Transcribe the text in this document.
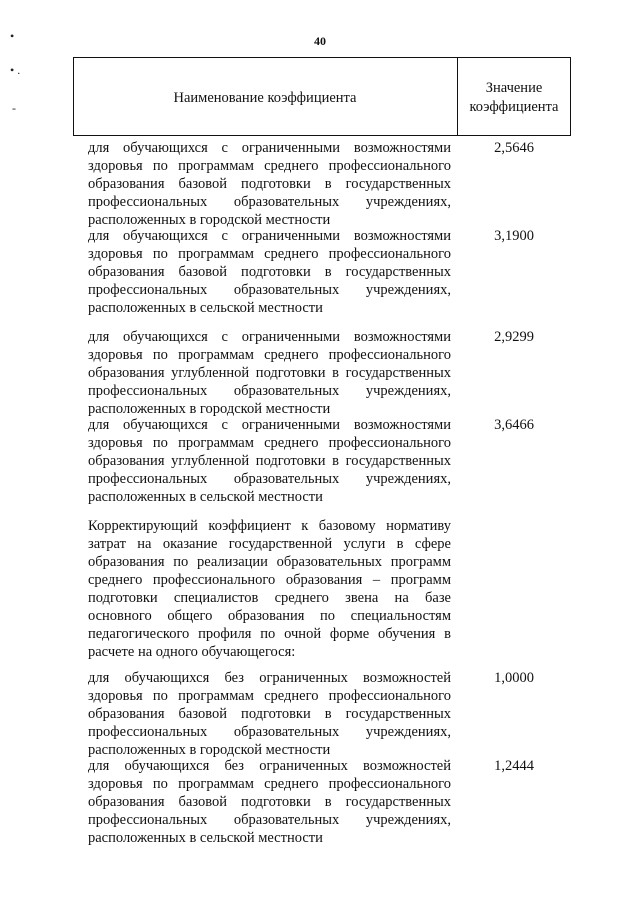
•
• .
-
40
Наименование коэффициента
Значение коэффициента
для обучающихся с ограниченными возможностями здоровья по программам среднего профессионального образования базовой подготовки в государственных профессиональных образовательных учреждениях, расположенных в городской местности
2,5646
для обучающихся с ограниченными возможностями здоровья по программам среднего профессионального образования базовой подготовки в государственных профессиональных образовательных учреждениях, расположенных в сельской местности
3,1900
для обучающихся с ограниченными возможностями здоровья по программам среднего профессионального образования углубленной подготовки в государственных профессиональных образовательных учреждениях, расположенных в городской местности
2,9299
для обучающихся с ограниченными возможностями здоровья по программам среднего профессионального образования углубленной подготовки в государственных профессиональных образовательных учреждениях, расположенных в сельской местности
3,6466
Корректирующий коэффициент к базовому нормативу затрат на оказание государственной услуги в сфере образования по реализации образовательных программ среднего профессионального образования – программ подготовки специалистов среднего звена на базе основного общего образования по специальностям педагогического профиля по очной форме обучения в расчете на одного обучающегося:
для обучающихся без ограниченных возможностей здоровья по программам среднего профессионального образования базовой подготовки в государственных профессиональных образовательных учреждениях, расположенных в городской местности
1,0000
для обучающихся без ограниченных возможностей здоровья по программам среднего профессионального образования базовой подготовки в государственных профессиональных образовательных учреждениях, расположенных в сельской местности
1,2444
